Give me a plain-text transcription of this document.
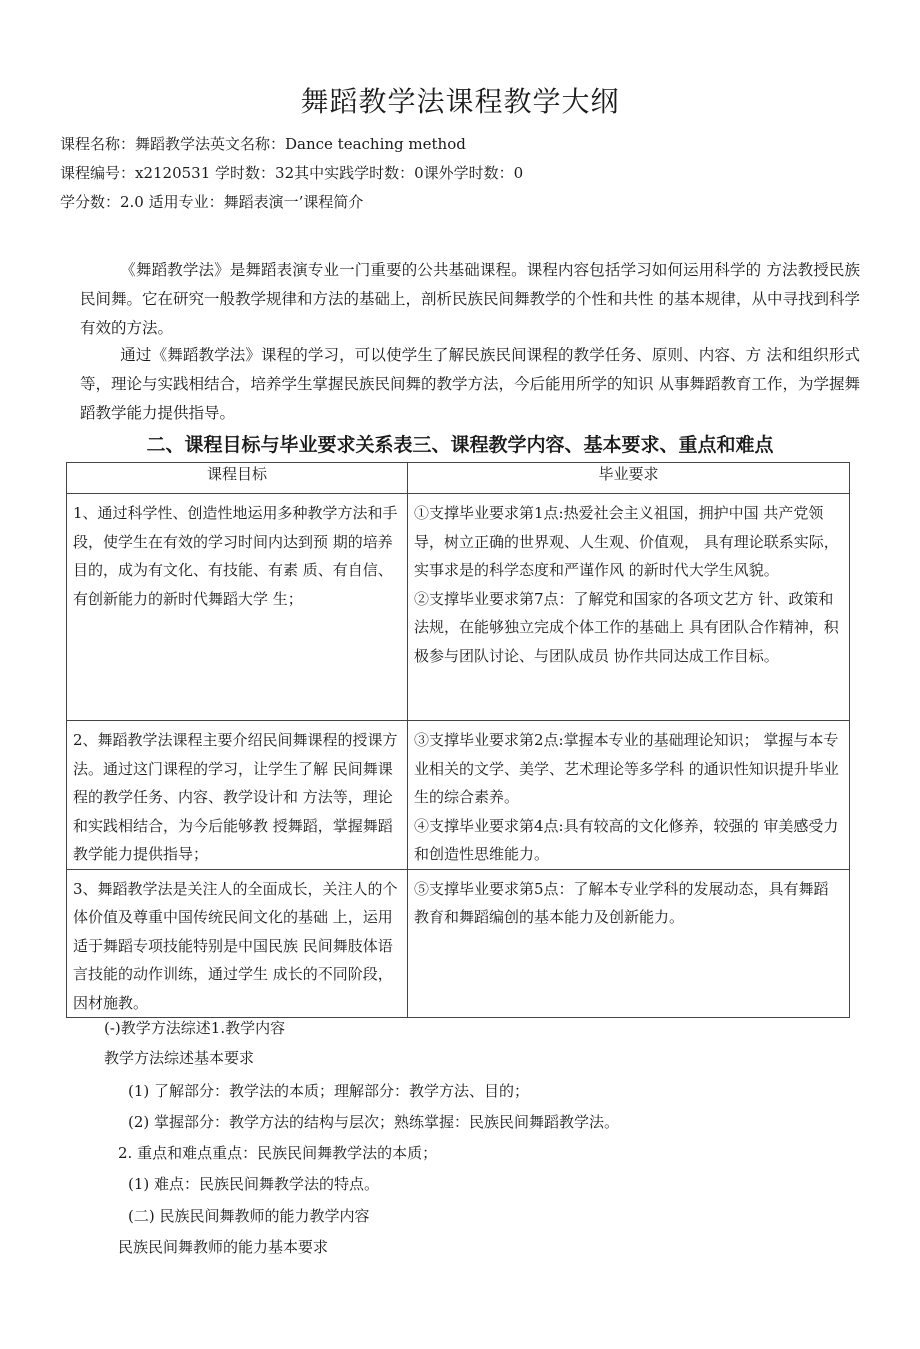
舞蹈教学法课程教学大纲
课程名称：舞蹈教学法英文名称：Dance teaching method
课程编号：x2120531 学时数：32其中实践学时数：0课外学时数：0
学分数：2.0 适用专业：舞蹈表演一’课程简介

《舞蹈教学法》是舞蹈表演专业一门重要的公共基础课程。课程内容包括学习如何运用科学的 方法教授民族民间舞。它在研究一般教学规律和方法的基础上，剖析民族民间舞教学的个性和共性 的基本规律，从中寻找到科学有效的方法。

通过《舞蹈教学法》课程的学习，可以使学生了解民族民间课程的教学任务、原则、内容、方 法和组织形式等，理论与实践相结合，培养学生掌握民族民间舞的教学方法，今后能用所学的知识 从事舞蹈教育工作，为学握舞蹈教学能力提供指导。

二、课程目标与毕业要求关系表三、课程教学内容、基本要求、重点和难点
课程目标	毕业要求
1、通过科学性、创造性地运用多种教学方法和手段，使学生在有效的学习时间内达到预 期的培养目的，成为有文化、有技能、有素 质、有自信、有创新能力的新时代舞蹈大学 生；	①支撑毕业要求第1点:热爱社会主义祖国，拥护中国 共产党领导，树立正确的世界观、人生观、价值观， 具有理论联系实际，实事求是的科学态度和严谨作风 的新时代大学生风貌。
②支撑毕业要求第7点：了解党和国家的各项文艺方 针、政策和法规，在能够独立完成个体工作的基础上 具有团队合作精神，积极参与团队讨论、与团队成员 协作共同达成工作目标。

2、舞蹈教学法课程主要介绍民间舞课程的授课方法。通过这门课程的学习，让学生了解 民间舞课程的教学任务、内容、教学设计和 方法等，理论和实践相结合，为今后能够教 授舞蹈，掌握舞蹈教学能力提供指导；	③支撑毕业要求第2点:掌握本专业的基础理论知识； 掌握与本专业相关的文学、美学、艺术理论等多学科 的通识性知识提升毕业生的综合素养。
④支撑毕业要求第4点:具有较高的文化修养，较强的 审美感受力和创造性思维能力。

3、舞蹈教学法是关注人的全面成长，关注人的个体价值及尊重中国传统民间文化的基础 上，运用适于舞蹈专项技能特别是中国民族 民间舞肢体语言技能的动作训练，通过学生 成长的不同阶段，因材施教。	⑤支撑毕业要求第5点：了解本专业学科的发展动态，具有舞蹈教育和舞蹈编创的基本能力及创新能力。
(-)教学方法综述1.教学内容
教学方法综述基本要求
(1) 了解部分：教学法的本质；理解部分：教学方法、目的；
(2) 掌握部分：教学方法的结构与层次；熟练掌握：民族民间舞蹈教学法。
2. 重点和难点重点：民族民间舞教学法的本质；
(1) 难点：民族民间舞教学法的特点。
(二) 民族民间舞教师的能力教学内容
民族民间舞教师的能力基本要求
